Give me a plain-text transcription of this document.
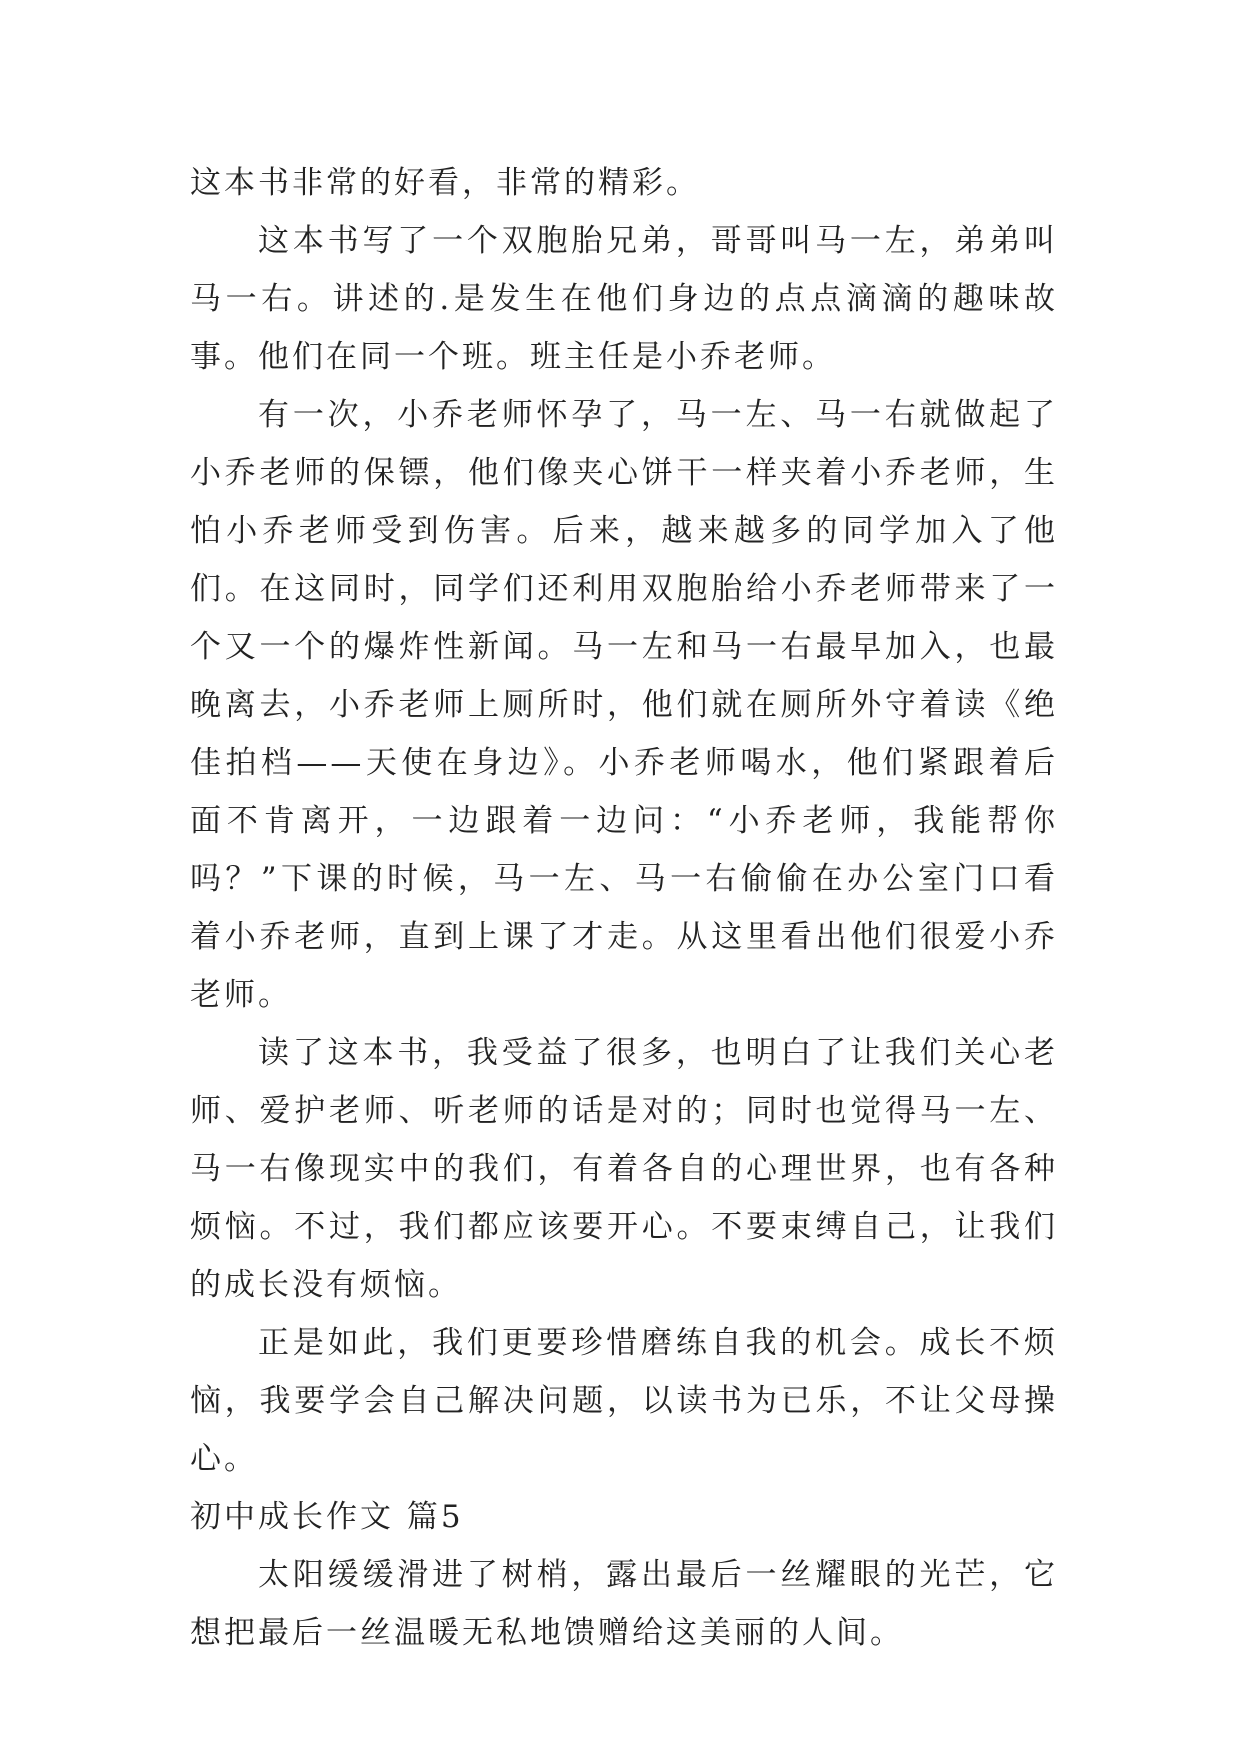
这本书非常的好看，非常的精彩。

这本书写了一个双胞胎兄弟，哥哥叫马一左，弟弟叫马一右。讲述的.是发生在他们身边的点点滴滴的趣味故事。他们在同一个班。班主任是小乔老师。

有一次，小乔老师怀孕了，马一左、马一右就做起了小乔老师的保镖，他们像夹心饼干一样夹着小乔老师，生怕小乔老师受到伤害。后来，越来越多的同学加入了他们。在这同时，同学们还利用双胞胎给小乔老师带来了一个又一个的爆炸性新闻。马一左和马一右最早加入，也最晚离去，小乔老师上厕所时，他们就在厕所外守着读《绝佳拍档——天使在身边》。小乔老师喝水，他们紧跟着后面不肯离开，一边跟着一边问：“小乔老师，我能帮你吗？”下课的时候，马一左、马一右偷偷在办公室门口看着小乔老师，直到上课了才走。从这里看出他们很爱小乔老师。

读了这本书，我受益了很多，也明白了让我们关心老师、爱护老师、听老师的话是对的；同时也觉得马一左、马一右像现实中的我们，有着各自的心理世界，也有各种烦恼。不过，我们都应该要开心。不要束缚自己，让我们的成长没有烦恼。

正是如此，我们更要珍惜磨练自我的机会。成长不烦恼，我要学会自己解决问题，以读书为已乐，不让父母操心。

初中成长作文 篇5

太阳缓缓滑进了树梢，露出最后一丝耀眼的光芒，它想把最后一丝温暖无私地馈赠给这美丽的人间。
